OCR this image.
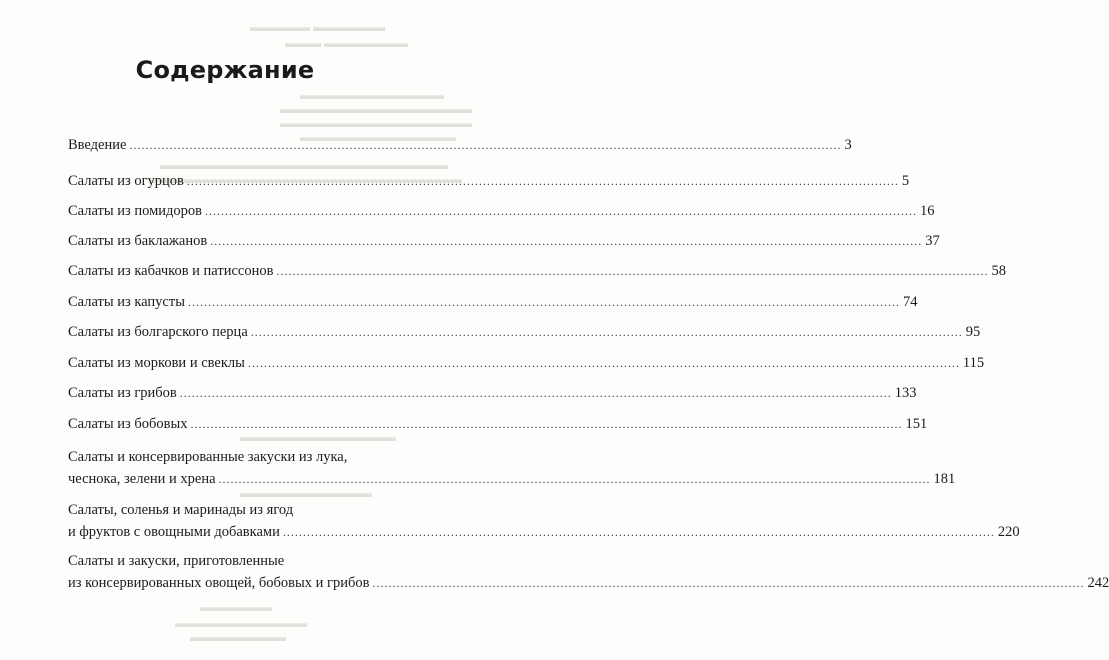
▬▬▬▬▬ ▬▬▬▬▬▬
▬▬▬ ▬▬▬▬▬▬▬
▬▬▬▬▬▬▬▬▬▬▬▬
▬▬▬▬▬▬▬▬▬▬▬▬▬▬▬▬
▬▬▬▬▬▬▬▬▬▬▬▬▬▬▬▬
▬▬▬▬▬▬▬▬▬▬▬▬▬
▬▬▬▬▬▬▬▬▬▬▬▬▬▬▬▬▬▬▬▬▬▬▬▬
▬▬▬▬▬▬▬▬▬▬▬▬▬▬▬▬▬▬▬▬▬▬▬▬▬▬
▬▬▬▬▬▬▬▬▬▬▬▬▬
▬▬▬▬▬▬▬▬▬▬▬
▬▬▬▬▬▬
▬▬▬▬▬▬▬▬▬▬▬
▬▬▬▬▬▬▬▬
Содержание
Введение .....	3
Салаты из огурцов .....	5
Салаты из помидоров .....	16
Салаты из баклажанов .....	37
Салаты из кабачков и патиссонов .....	58
Салаты из капусты .....	74
Салаты из болгарского перца .....	95
Салаты из моркови и свеклы .....	115
Салаты из грибов .....	133
Салаты из бобовых .....	151
Салаты и консервированные закуски из лука,
чеснока, зелени и хрена .....	181
Салаты, соленья и маринады из ягод
и фруктов с овощными добавками .....	220
Салаты и закуски, приготовленные
из консервированных овощей, бобовых и грибов .....	242
